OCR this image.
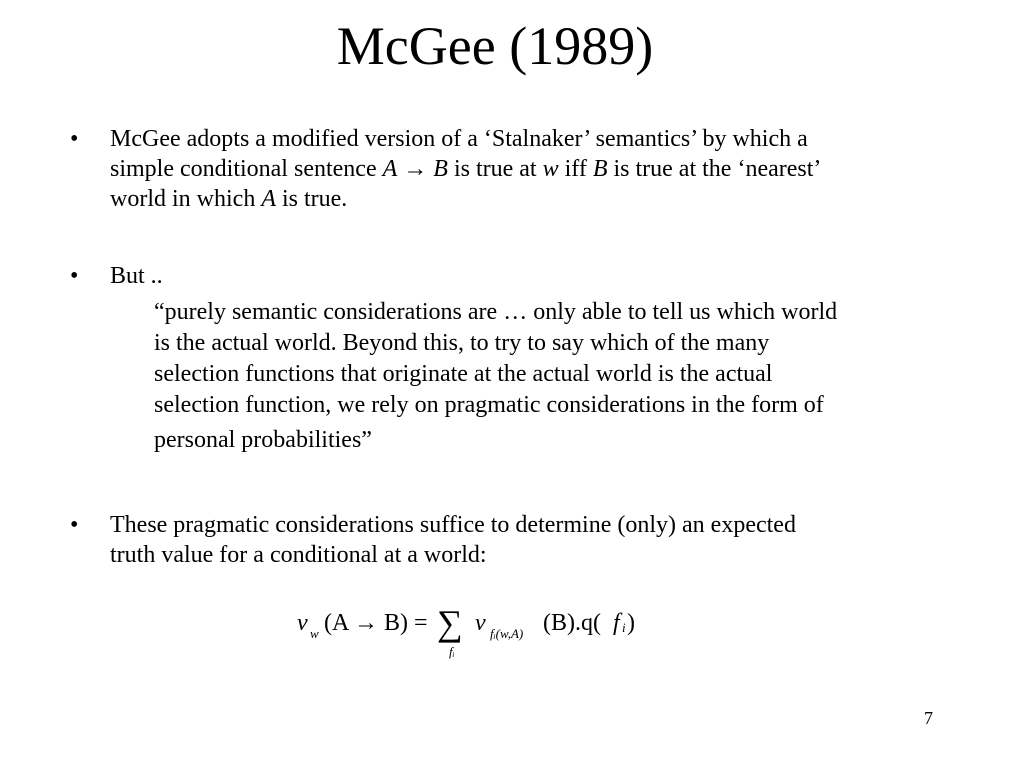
McGee (1989)
•	McGee adopts a modified version of a ‘Stalnaker’ semantics’ by which a
simple conditional sentence A → B is true at w iff B is true at the ‘nearest’
world in which A is true.
•	But ..
“purely semantic considerations are … only able to tell us which world
is the actual world. Beyond this, to try to say which of the many
selection functions that originate at the actual world is the actual
selection function, we rely on pragmatic considerations in the form of
personal probabilities”
•	These pragmatic considerations suffice to determine (only) an expected
truth value for a conditional at a world:
v w (A → B) = ∑
fᵢ
v fᵢ(w,A) (B).q( f i )
7
